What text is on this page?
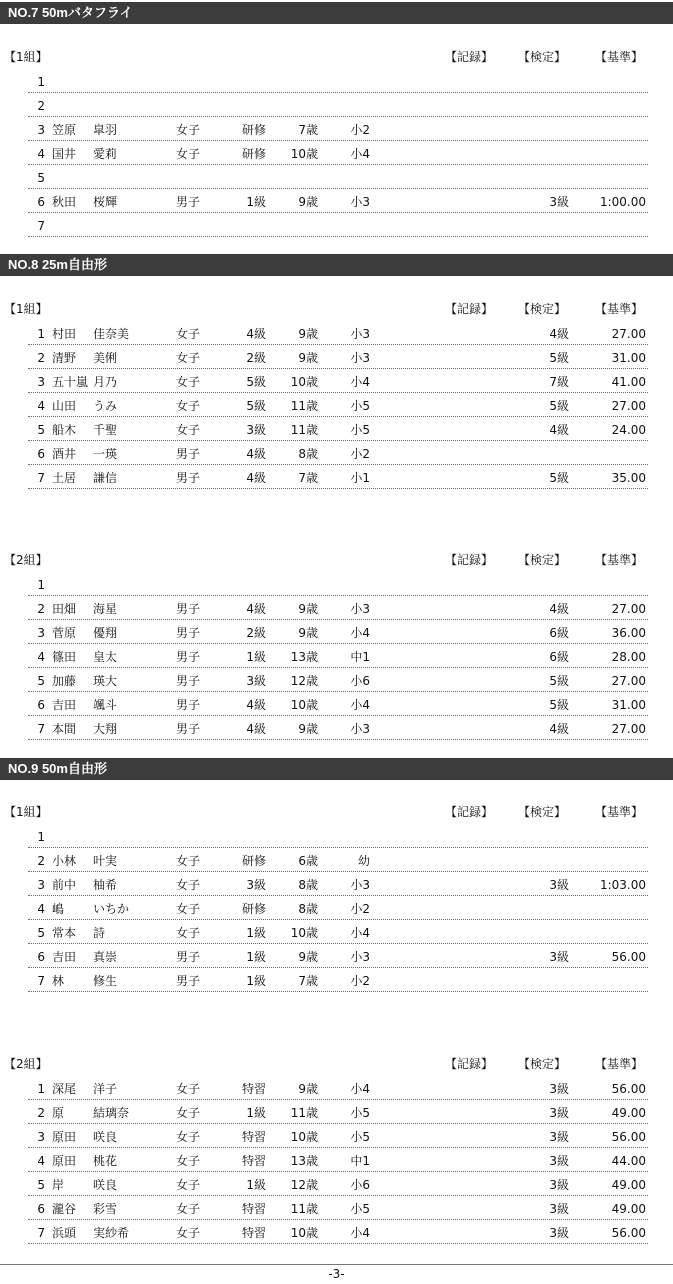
NO.7 50mバタフライ
【1組】	【記録】 【検定】 【基準】
1
2
3 笠原 皐羽	女子	研修	7歳	小2
4 国井 愛莉	女子	研修	10歳	小4
5
6 秋田 桜輝	男子	1級	9歳	小3	3級	1:00.00
7
NO.8 25m自由形
【1組】	【記録】 【検定】 【基準】
1 村田 佳奈美	女子	4級	9歳	小3	4級	27.00
2 清野 美俐	女子	2級	9歳	小3	5級	31.00
3 五十嵐 月乃	女子	5級	10歳	小4	7級	41.00
4 山田 うみ	女子	5級	11歳	小5	5級	27.00
5 船木 千聖	女子	3級	11歳	小5	4級	24.00
6 酒井 一瑛	男子	4級	8歳	小2
7 土居 謙信	男子	4級	7歳	小1	5級	35.00
【2組】	【記録】 【検定】 【基準】
1
2 田畑 海星	男子	4級	9歳	小3	4級	27.00
3 菅原 優翔	男子	2級	9歳	小4	6級	36.00
4 篠田 皇太	男子	1級	13歳	中1	6級	28.00
5 加藤 瑛大	男子	3級	12歳	小6	5級	27.00
6 吉田 颯斗	男子	4級	10歳	小4	5級	31.00
7 本間 大翔	男子	4級	9歳	小3	4級	27.00
NO.9 50m自由形
【1組】	【記録】 【検定】 【基準】
1
2 小林 叶実	女子	研修	6歳	幼
3 前中 柚希	女子	3級	8歳	小3	3級	1:03.00
4 嶋 いちか	女子	研修	8歳	小2
5 常本 詩	女子	1級	10歳	小4
6 吉田 真崇	男子	1級	9歳	小3	3級	56.00
7 林 修生	男子	1級	7歳	小2
【2組】	【記録】 【検定】 【基準】
1 深尾 洋子	女子	特習	9歳	小4	3級	56.00
2 原 結璃奈	女子	1級	11歳	小5	3級	49.00
3 原田 咲良	女子	特習	10歳	小5	3級	56.00
4 原田 桃花	女子	特習	13歳	中1	3級	44.00
5 岸 咲良	女子	1級	12歳	小6	3級	49.00
6 瀧谷 彩雪	女子	特習	11歳	小5	3級	49.00
7 浜頭 実紗希	女子	特習	10歳	小4	3級	56.00
-3-
